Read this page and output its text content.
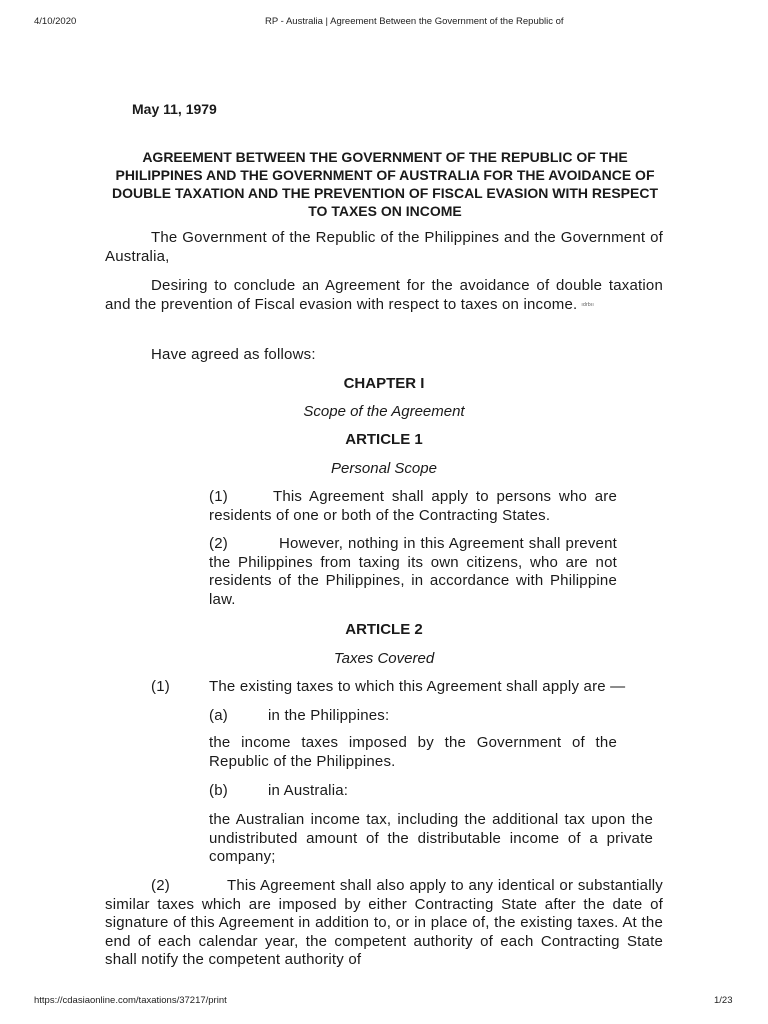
4/10/2020	RP - Australia | Agreement Between the Government of the Republic of
May 11, 1979
AGREEMENT BETWEEN THE GOVERNMENT OF THE REPUBLIC OF THE PHILIPPINES AND THE GOVERNMENT OF AUSTRALIA FOR THE AVOIDANCE OF DOUBLE TAXATION AND THE PREVENTION OF FISCAL EVASION WITH RESPECT TO TAXES ON INCOME
The Government of the Republic of the Philippines and the Government of Australia,
Desiring to conclude an Agreement for the avoidance of double taxation and the prevention of Fiscal evasion with respect to taxes on income. ıdrbıı
Have agreed as follows:
CHAPTER I
Scope of the Agreement
ARTICLE 1
Personal Scope
(1)	This Agreement shall apply to persons who are residents of one or both of the Contracting States.
(2)	However, nothing in this Agreement shall prevent the Philippines from taxing its own citizens, who are not residents of the Philippines, in accordance with Philippine law.
ARTICLE 2
Taxes Covered
(1)	The existing taxes to which this Agreement shall apply are —
(a)	in the Philippines:
the income taxes imposed by the Government of the Republic of the Philippines.
(b)	in Australia:
the Australian income tax, including the additional tax upon the undistributed amount of the distributable income of a private company;
(2)	This Agreement shall also apply to any identical or substantially similar taxes which are imposed by either Contracting State after the date of signature of this Agreement in addition to, or in place of, the existing taxes. At the end of each calendar year, the competent authority of each Contracting State shall notify the competent authority of
https://cdasiaonline.com/taxations/37217/print	1/23
